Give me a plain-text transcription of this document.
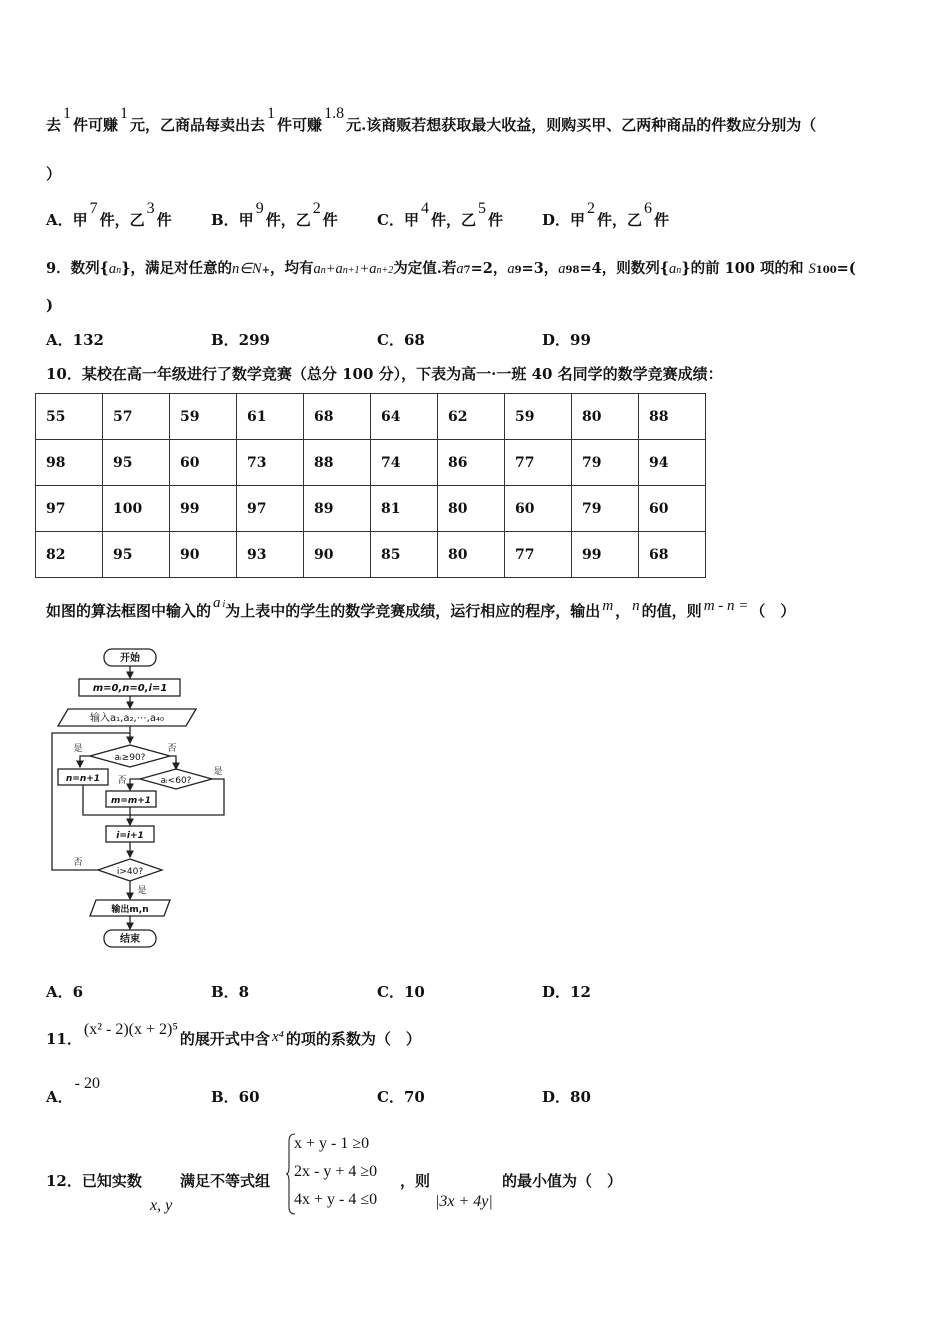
去1件可赚1元，乙商品每卖出去1件可赚1.8元.该商贩若想获取最大收益，则购买甲、乙两种商品的件数应分别为（
）
A．甲7件，乙3件	B．甲9件，乙2件	C．甲4件，乙5件	D．甲2件，乙6件
9．数列{an}，满足对任意的n∈N+，均有an+an+1+an+2为定值.若a7=2，a9=3，a98=4，则数列{an}的前 100 项的和 S100=(
)
A．132	B．299	C．68	D．99
10．某校在高一年级进行了数学竞赛（总分 100 分），下表为高一·一班 40 名同学的数学竞赛成绩：
55	57	59	61	68	64	62	59	80	88
98	95	60	73	88	74	86	77	79	94
97	100	99	97	89	81	80	60	79	60
82	95	90	93	90	85	80	77	99	68
如图的算法框图中输入的 a $^i$为上表中的学生的数学竞赛成绩，运行相应的程序，输出 m ， n 的值，则 m - n = （　）
开始
m=0,n=0,i=1
输入a₁,a₂,⋯,a₄₀
aᵢ≥90?
是	否
n=n+1	aᵢ<60?
否
是
m=m+1
i=i+1
i>40?
否
是
输出m,n
结束
A．6	B．8	C．10	D．12
11．(x² - 2)(x + 2)⁵的展开式中含 x⁴ 的项的系数为（　）
A．- 20
B．60	C．70	D．80
12．已知实数
x, y
满足不等式组
x + y - 1 ≥0
2x - y + 4 ≥0
4x + y - 4 ≤0
，则
|3x + 4y|
的最小值为（　）
